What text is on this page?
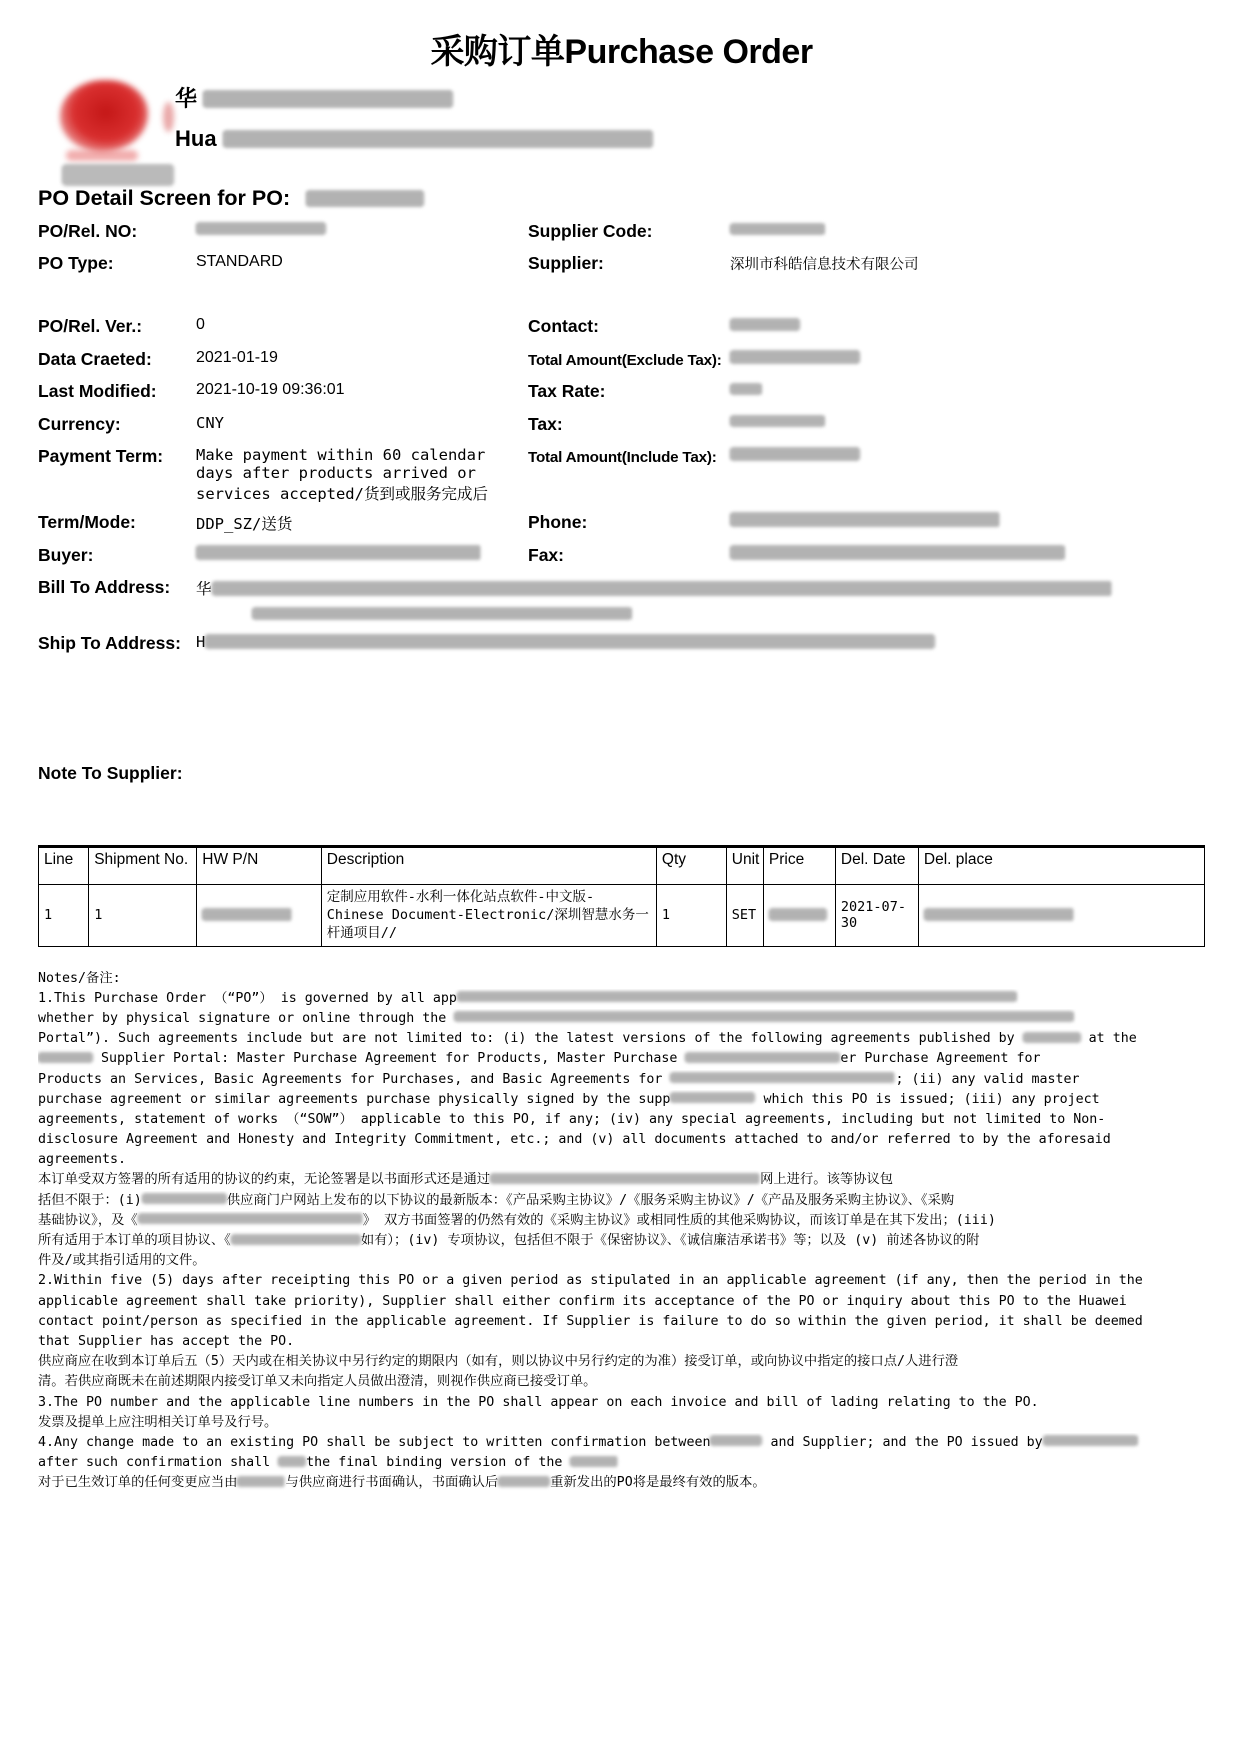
采购订单Purchase Order
华
Hua
PO Detail Screen for PO:
PO/Rel. NO:	Supplier Code:
PO Type:	STANDARD	Supplier:	深圳市科皓信息技术有限公司
PO/Rel. Ver.:	0	Contact:
Data Craeted:	2021-01-19	Total Amount(Exclude Tax):
Last Modified:	2021-10-19 09:36:01	Tax Rate:
Currency:	CNY	Tax:
Payment Term:	Make payment within 60 calendar
days after products arrived or
services accepted/货到或服务完成后
Total Amount(Include Tax):
Term/Mode:	DDP_SZ/送货	Phone:
Buyer:	Fax:
Bill To Address:	华
Ship To Address: H
Note To Supplier:
Line	Shipment No.	HW P/N	Description	Qty	Unit	Price	Del. Date	Del. place
1	1		定制应用软件-水利一体化站点软件-中文版-Chinese Document-Electronic/深圳智慧水务一杆通项目//	1	SET		2021-07-30	
Notes/备注:
1.This Purchase Order （“PO”） is governed by all app
whether by physical signature or online through the
Portal”). Such agreements include but are not limited to: (i) the latest versions of the following agreements published by	at the
Supplier Portal: Master Purchase Agreement for Products, Master Purchase	er Purchase Agreement for
Products an Services, Basic Agreements for Purchases, and Basic Agreements for	; (ii) any valid master
purchase agreement or similar agreements purchase physically signed by the supp	which this PO is issued; (iii) any project
agreements, statement of works （“SOW”） applicable to this PO, if any; (iv) any special agreements, including but not limited to Non-
disclosure Agreement and Honesty and Integrity Commitment, etc.; and (v) all documents attached to and/or referred to by the aforesaid
agreements.
本订单受双方签署的所有适用的协议的约束，无论签署是以书面形式还是通过	网上进行。该等协议包
括但不限于：(i)	供应商门户网站上发布的以下协议的最新版本：《产品采购主协议》/《服务采购主协议》/《产品及服务采购主协议》、《采购
基础协议》，及《	》 双方书面签署的仍然有效的《采购主协议》或相同性质的其他采购协议，而该订单是在其下发出；(iii)
所有适用于本订单的项目协议、《	如有）；(iv) 专项协议，包括但不限于《保密协议》、《诚信廉洁承诺书》等；以及 (v) 前述各协议的附
件及/或其指引适用的文件。
2.Within five (5) days after receipting this PO or a given period as stipulated in an applicable agreement (if any, then the period in the
applicable agreement shall take priority), Supplier shall either confirm its acceptance of the PO or inquiry about this PO to the Huawei
contact point/person as specified in the applicable agreement. If Supplier is failure to do so within the given period, it shall be deemed
that Supplier has accept the PO.
供应商应在收到本订单后五（5）天内或在相关协议中另行约定的期限内（如有，则以协议中另行约定的为准）接受订单，或向协议中指定的接口点/人进行澄
清。若供应商既未在前述期限内接受订单又未向指定人员做出澄清，则视作供应商已接受订单。
3.The PO number and the applicable line numbers in the PO shall appear on each invoice and bill of lading relating to the PO.
发票及提单上应注明相关订单号及行号。
4.Any change made to an existing PO shall be subject to written confirmation between	and Supplier; and the PO issued by
after such confirmation shall the final binding version of the
对于已生效订单的任何变更应当由	与供应商进行书面确认，书面确认后	重新发出的PO将是最终有效的版本。
